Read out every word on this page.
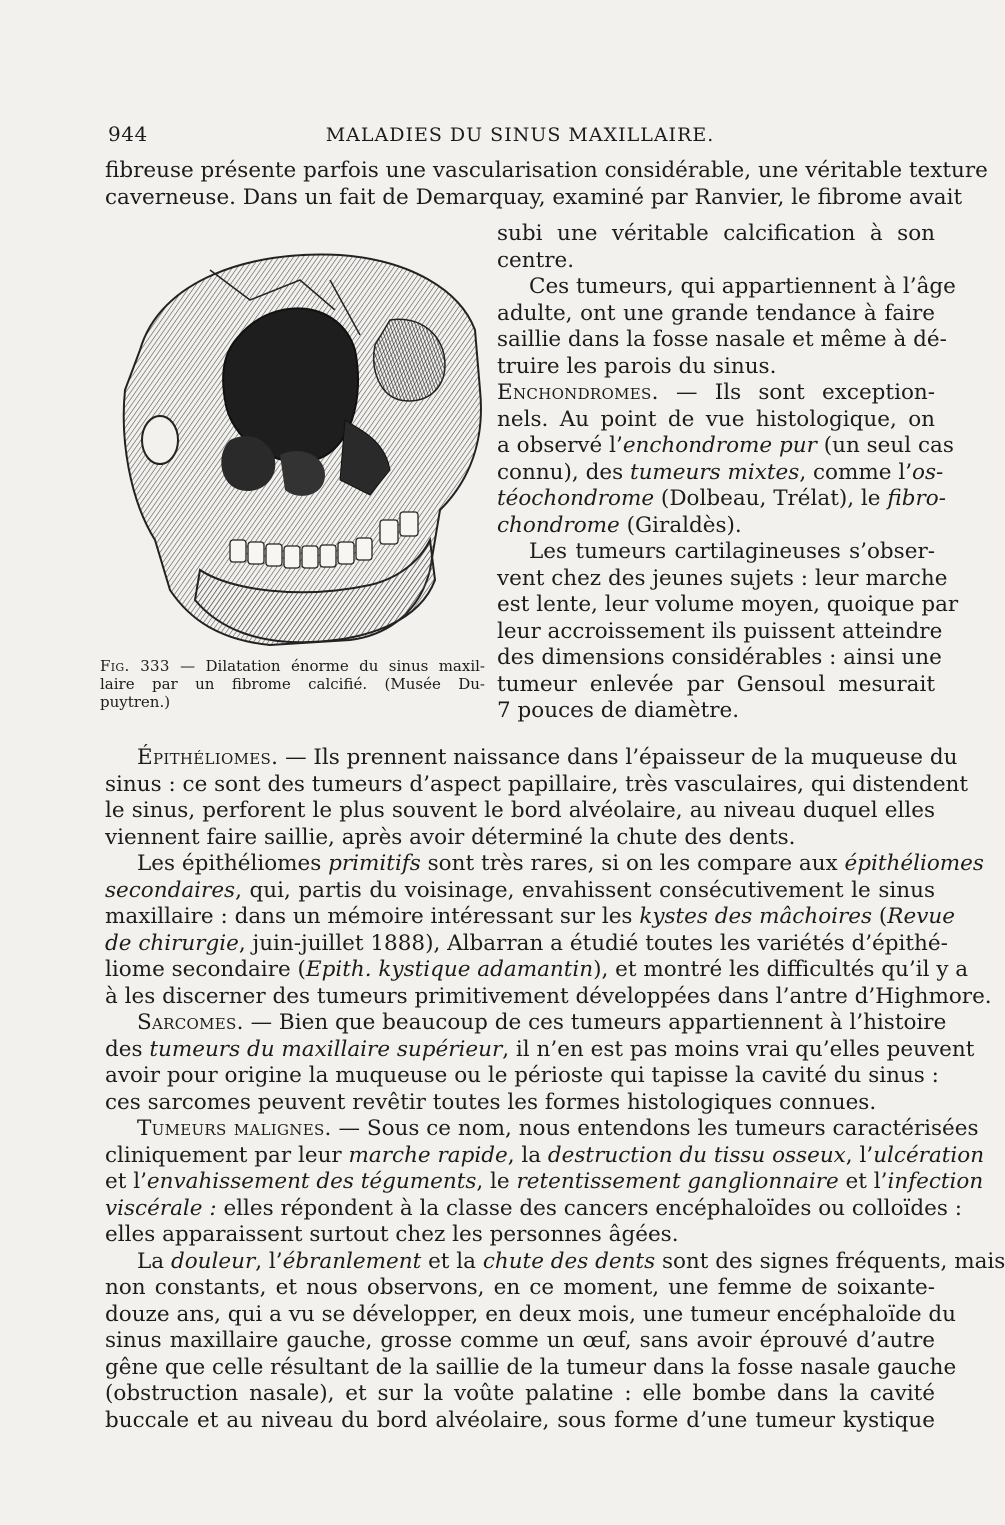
944	MALADIES DU SINUS MAXILLAIRE.
fibreuse présente parfois une vascularisation considérable, une véritable texture
caverneuse. Dans un fait de Demarquay, examiné par Ranvier, le fibrome avait
Fig. 333 — Dilatation énorme du sinus maxil-
laire par un fibrome calcifié. (Musée Du-
puytren.)
subi une véritable calcification à son
centre.
Ces tumeurs, qui appartiennent à l’âge
adulte, ont une grande tendance à faire
saillie dans la fosse nasale et même à dé-
truire les parois du sinus.
Enchondromes. — Ils sont exception-
nels. Au point de vue histologique, on
a observé l’enchondrome pur (un seul cas
connu), des tumeurs mixtes, comme l’os-
téochondrome (Dolbeau, Trélat), le fibro-
chondrome (Giraldès).
Les tumeurs cartilagineuses s’obser-
vent chez des jeunes sujets : leur marche
est lente, leur volume moyen, quoique par
leur accroissement ils puissent atteindre
des dimensions considérables : ainsi une
tumeur enlevée par Gensoul mesurait
7 pouces de diamètre.
Épithéliomes. — Ils prennent naissance dans l’épaisseur de la muqueuse du
sinus : ce sont des tumeurs d’aspect papillaire, très vasculaires, qui distendent
le sinus, perforent le plus souvent le bord alvéolaire, au niveau duquel elles
viennent faire saillie, après avoir déterminé la chute des dents.
Les épithéliomes primitifs sont très rares, si on les compare aux épithéliomes
secondaires, qui, partis du voisinage, envahissent consécutivement le sinus
maxillaire : dans un mémoire intéressant sur les kystes des mâchoires (Revue
de chirurgie, juin-juillet 1888), Albarran a étudié toutes les variétés d’épithé-
liome secondaire (Epith. kystique adamantin), et montré les difficultés qu’il y a
à les discerner des tumeurs primitivement développées dans l’antre d’Highmore.
Sarcomes. — Bien que beaucoup de ces tumeurs appartiennent à l’histoire
des tumeurs du maxillaire supérieur, il n’en est pas moins vrai qu’elles peuvent
avoir pour origine la muqueuse ou le périoste qui tapisse la cavité du sinus :
ces sarcomes peuvent revêtir toutes les formes histologiques connues.
Tumeurs malignes. — Sous ce nom, nous entendons les tumeurs caractérisées
cliniquement par leur marche rapide, la destruction du tissu osseux, l’ulcération
et l’envahissement des téguments, le retentissement ganglionnaire et l’infection
viscérale : elles répondent à la classe des cancers encéphaloïdes ou colloïdes :
elles apparaissent surtout chez les personnes âgées.
La douleur, l’ébranlement et la chute des dents sont des signes fréquents, mais
non constants, et nous observons, en ce moment, une femme de soixante-
douze ans, qui a vu se développer, en deux mois, une tumeur encéphaloïde du
sinus maxillaire gauche, grosse comme un œuf, sans avoir éprouvé d’autre
gêne que celle résultant de la saillie de la tumeur dans la fosse nasale gauche
(obstruction nasale), et sur la voûte palatine : elle bombe dans la cavité
buccale et au niveau du bord alvéolaire, sous forme d’une tumeur kystique
